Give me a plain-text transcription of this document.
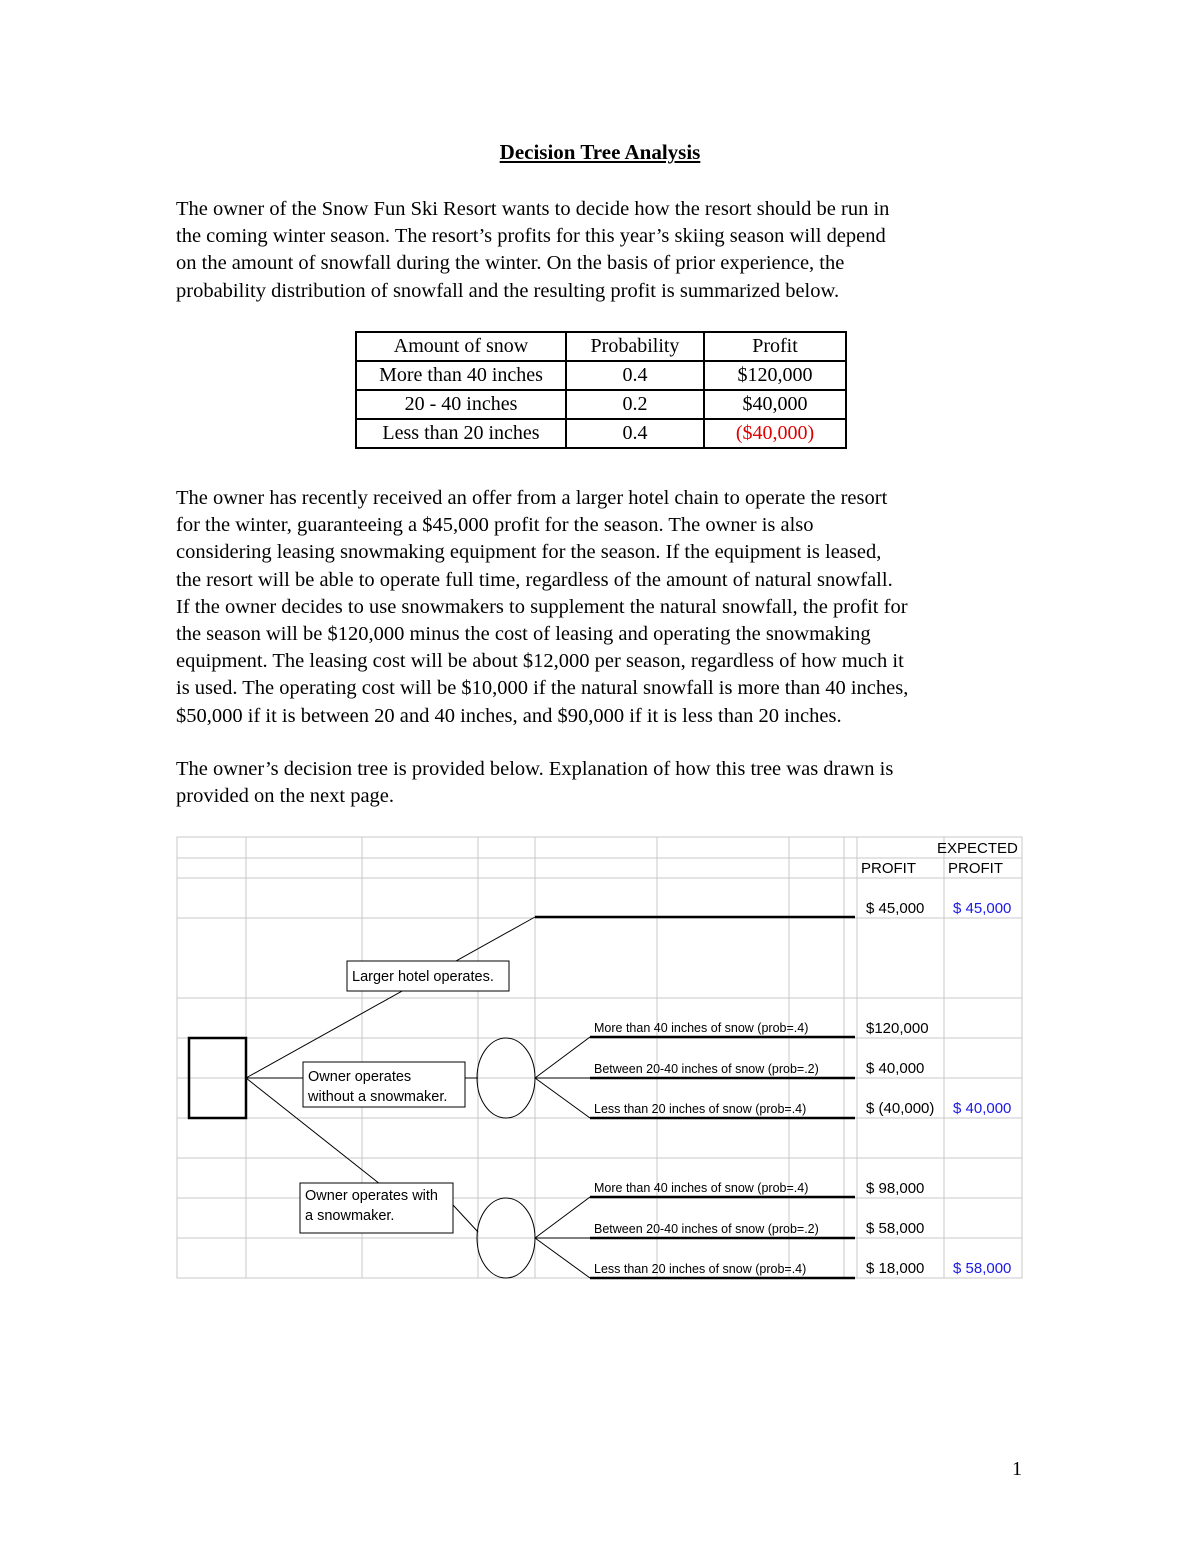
Decision Tree Analysis
The owner of the Snow Fun Ski Resort wants to decide how the resort should be run in
the coming winter season. The resort’s profits for this year’s skiing season will depend
on the amount of snowfall during the winter. On the basis of prior experience, the
probability distribution of snowfall and the resulting profit is summarized below.
Amount of snow	Probability	Profit
More than 40 inches	0.4	$120,000
20 - 40 inches	0.2	$40,000
Less than 20 inches	0.4	($40,000)
The owner has recently received an offer from a larger hotel chain to operate the resort
for the winter, guaranteeing a $45,000 profit for the season. The owner is also
considering leasing snowmaking equipment for the season. If the equipment is leased,
the resort will be able to operate full time, regardless of the amount of natural snowfall.
If the owner decides to use snowmakers to supplement the natural snowfall, the profit for
the season will be $120,000 minus the cost of leasing and operating the snowmaking
equipment. The leasing cost will be about $12,000 per season, regardless of how much it
is used. The operating cost will be $10,000 if the natural snowfall is more than 40 inches,
$50,000 if it is between 20 and 40 inches, and $90,000 if it is less than 20 inches.
The owner’s decision tree is provided below. Explanation of how this tree was drawn is
provided on the next page.
Larger hotel operates.
Owner operates
without a snowmaker.
Owner operates with
a snowmaker.
More than 40 inches of snow (prob=.4)
Between 20-40 inches of snow (prob=.2)
Less than 20 inches of snow (prob=.4)
More than 40 inches of snow (prob=.4)
Between 20-40 inches of snow (prob=.2)
Less than 20 inches of snow (prob=.4)
EXPECTED
PROFIT PROFIT
$ 45,000 $ 45,000
$120,000
$ 40,000
$ (40,000) $ 40,000
$ 98,000
$ 58,000
$ 18,000 $ 58,000
1
